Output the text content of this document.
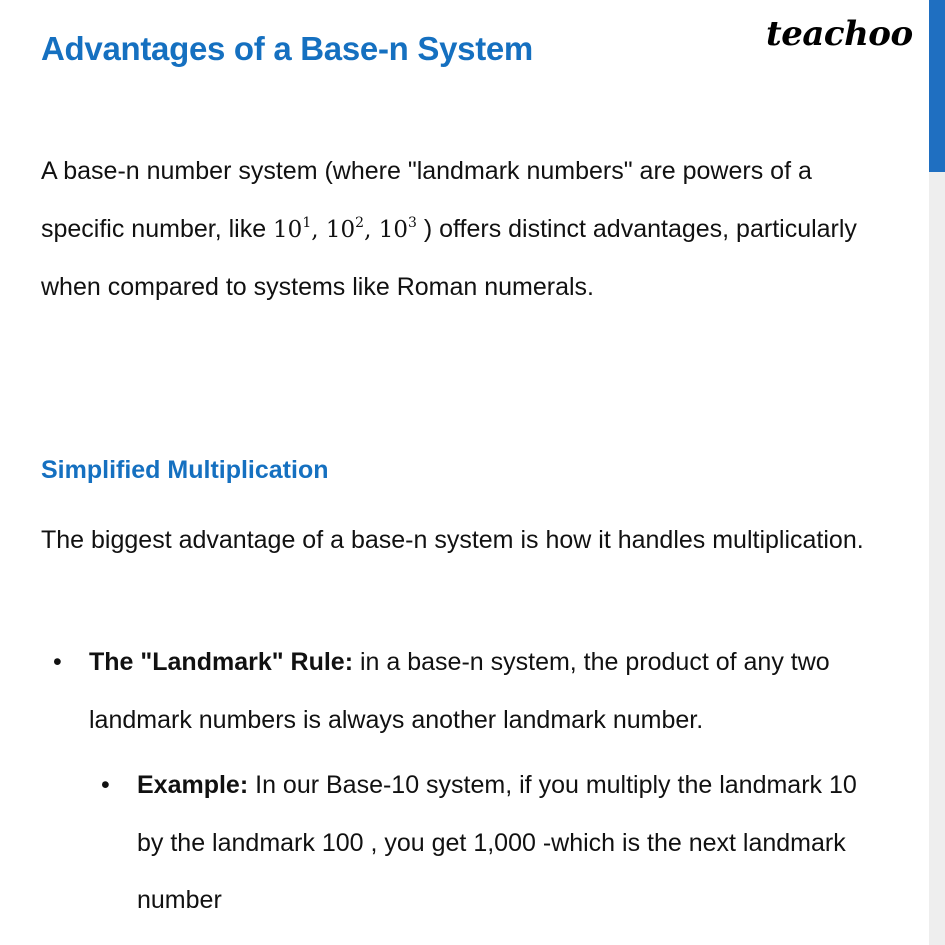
Advantages of a Base-n System	teachoo

A base-n number system (where "landmark numbers" are powers of a specific number, like $10^1$, $10^2$, $10^3$ ) offers distinct advantages, particularly when compared to systems like Roman numerals.

Simplified Multiplication

The biggest advantage of a base-n system is how it handles multiplication.

• The "Landmark" Rule: in a base-n system, the product of any two landmark numbers is always another landmark number.

• Example: In our Base-10 system, if you multiply the landmark 10 by the landmark 100 , you get 1,000 -which is the next landmark number
